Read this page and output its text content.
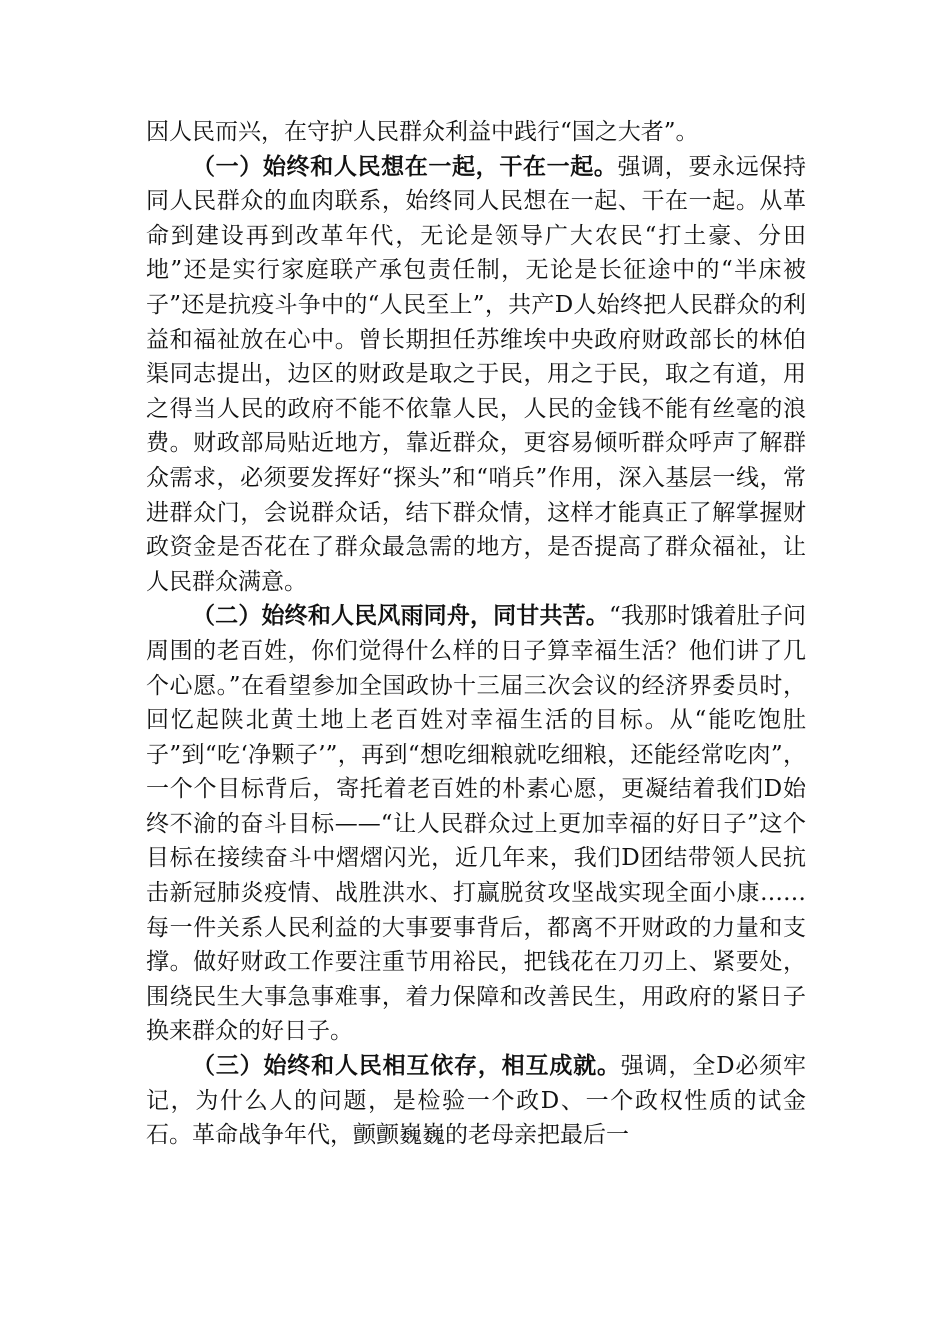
因人民而兴，在守护人民群众利益中践行“国之大者”。

（一）始终和人民想在一起，干在一起。强调，要永远保持同人民群众的血肉联系，始终同人民想在一起、干在一起。从革命到建设再到改革年代，无论是领导广大农民“打土豪、分田地”还是实行家庭联产承包责任制，无论是长征途中的“半床被子”还是抗疫斗争中的“人民至上”，共产D人始终把人民群众的利益和福祉放在心中。曾长期担任苏维埃中央政府财政部长的林伯渠同志提出，边区的财政是取之于民，用之于民，取之有道，用之得当人民的政府不能不依靠人民，人民的金钱不能有丝毫的浪费。财政部局贴近地方，靠近群众，更容易倾听群众呼声了解群众需求，必须要发挥好“探头”和“哨兵”作用，深入基层一线，常进群众门，会说群众话，结下群众情，这样才能真正了解掌握财政资金是否花在了群众最急需的地方，是否提高了群众福祉，让人民群众满意。

（二）始终和人民风雨同舟，同甘共苦。“我那时饿着肚子问周围的老百姓，你们觉得什么样的日子算幸福生活？他们讲了几个心愿。”在看望参加全国政协十三届三次会议的经济界委员时，回忆起陕北黄土地上老百姓对幸福生活的目标。从“能吃饱肚子”到“吃‘净颗子’”，再到“想吃细粮就吃细粮，还能经常吃肉”，一个个目标背后，寄托着老百姓的朴素心愿，更凝结着我们D始终不渝的奋斗目标——“让人民群众过上更加幸福的好日子”这个目标在接续奋斗中熠熠闪光，近几年来，我们D团结带领人民抗击新冠肺炎疫情、战胜洪水、打赢脱贫攻坚战实现全面小康……每一件关系人民利益的大事要事背后，都离不开财政的力量和支撑。做好财政工作要注重节用裕民，把钱花在刀刃上、紧要处，围绕民生大事急事难事，着力保障和改善民生，用政府的紧日子换来群众的好日子。

（三）始终和人民相互依存，相互成就。强调，全D必须牢记，为什么人的问题，是检验一个政D、一个政权性质的试金石。革命战争年代，颤颤巍巍的老母亲把最后一
